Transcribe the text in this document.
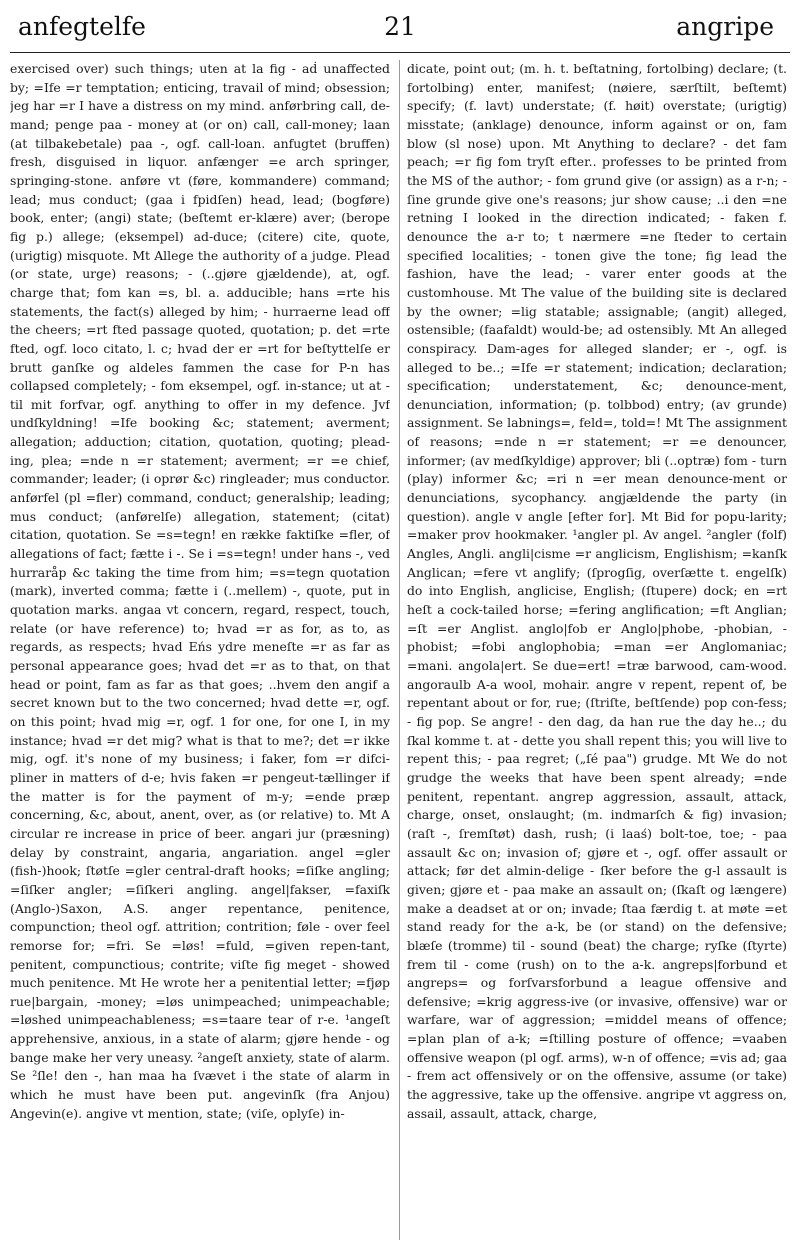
anfegtelfe	21	angripe

exercised over) such things; uten at la fig - aḋ unaffected by; =Ife =r temptation; enticing, travail of mind; obsession; jeg har =r I have a distress on my mind. anførbring call, de-mand; penge paa - money at (or on) call, call-money; laan (at tilbakebetale) paa -, ogf. call-loan. anfugtet (bruffen) fresh, disguised in liquor. anfænger =e arch springer, springing-stone. anføre vt (føre, kommandere) command; lead; mus conduct; (gaa i fpidſen) head, lead; (bogføre) book, enter; (angi) state; (beſtemt er-klære) aver; (berope fig p.) allege; (eksempel) ad-duce; (citere) cite, quote, (urigtig) misquote. Mt Allege the authority of a judge. Plead (or state, urge) reasons; - (..gjøre gjældende), at, ogf. charge that; fom kan =s, bl. a. adducible; hans =rte his statements, the fact(s) alleged by him; - hurraerne lead off the cheers; =rt fted passage quoted, quotation; p. det =rte fted, ogf. loco citato, l. c; hvad der er =rt for beſtyttelſe er brutt ganſke og aldeles fammen the case for P-n has collapsed completely; - fom eksempel, ogf. in-stance; ut at - til mit forfvar, ogf. anything to offer in my defence. Jvf undſkyldning! =Ife booking &c; statement; averment; allegation; adduction; citation, quotation, quoting; plead-ing, plea; =nde n =r statement; averment; =r =e chief, commander; leader; (i oprør &c) ringleader; mus conductor. anførfel (pl =fler) command, conduct; generalship; leading; mus conduct; (anførelſe) allegation, statement; (citat) citation, quotation. Se =s=tegn! en række faktiſke =fler, of allegations of fact; fætte i -. Se i =s=tegn! under hans -, ved hurraråp &c taking the time from him; =s=tegn quotation (mark), inverted comma; fætte i (..mellem) -, quote, put in quotation marks. angaa vt concern, regard, respect, touch, relate (or have reference) to; hvad =r as for, as to, as regards, as respects; hvad Eńs ydre meneſte =r as far as personal appearance goes; hvad det =r as to that, on that head or point, fam as far as that goes; ..hvem den angif a secret known but to the two concerned; hvad dette =r, ogf. on this point; hvad mig =r, ogf. 1 for one, for one I, in my instance; hvad =r det mig? what is that to me?; det =r ikke mig, ogf. it's none of my business; i faker, fom =r difci-pliner in matters of d-e; hvis faken =r pengeut-tællinger if the matter is for the payment of m-y; =ende præp concerning, &c, about, anent, over, as (or relative) to. Mt A circular re increase in price of beer. angari jur (præsning) delay by constraint, angaria, angariation. angel =gler (fish-)hook; ſtøtſe =gler central-draft hooks; =ſiſke angling; =ſiſker angler; =ſiſkeri angling. angel|fakser, =faxiſk (Anglo-)Saxon, A.S. anger repentance, penitence, compunction; theol ogf. attrition; contrition; føle - over feel remorse for; =fri. Se =løs! =fuld, =given repen-tant, penitent, compunctious; contrite; viſte fig meget - showed much penitence. Mt He wrote her a penitential letter; =fjøp rue|bargain, -money; =løs unimpeached; unimpeachable; =løshed unimpeachableness; =s=taare tear of r-e. ¹angeſt apprehensive, anxious, in a state of alarm; gjøre hende - og bange make her very uneasy. ²angeſt anxiety, state of alarm. Se ²ſle! den -, han maa ha ſvævet i the state of alarm in which he must have been put. angevinſk (fra Anjou) Angevin(e). angive vt mention, state; (viſe, oplyſe) in-

dicate, point out; (m. h. t. beſtatning, fortolbing) declare; (t. fortolbing) enter, manifest; (nøiere, særſtilt, beſtemt) specify; (f. lavt) understate; (f. høit) overstate; (urigtig) misstate; (anklage) denounce, inform against or on, fam blow (sl nose) upon. Mt Anything to declare? - det fam peach; =r fig fom tryſt efter.. professes to be printed from the MS of the author; - fom grund give (or assign) as a r-n; - ſine grunde give one's reasons; jur show cause; ..i den =ne retning I looked in the direction indicated; - faken f. denounce the a-r to; t nærmere =ne ſteder to certain specified localities; - tonen give the tone; fig lead the fashion, have the lead; - varer enter goods at the customhouse. Mt The value of the building site is declared by the owner; =lig statable; assignable; (angit) alleged, ostensible; (faafaldt) would-be; ad ostensibly. Mt An alleged conspiracy. Dam-ages for alleged slander; er -, ogf. is alleged to be..; =Ife =r statement; indication; declaration; specification; understatement, &c; denounce-ment, denunciation, information; (p. tolbbod) entry; (av grunde) assignment. Se labnings=, feld=, told=! Mt The assignment of reasons; =nde n =r statement; =r =e denouncer, informer; (av medſkyldige) approver; bli (..optræ) fom - turn (play) informer &c; =ri n =er mean denounce-ment or denunciations, sycophancy. angjældende the party (in question). angle v angle [efter for]. Mt Bid for popu-larity; =maker prov hookmaker. ¹angler pl. Av angel. ²angler (folf) Angles, Angli. angli|cisme =r anglicism, Englishism; =kanſk Anglican; =fere vt anglify; (ſprogſig, overſætte t. engelſk) do into English, anglicise, English; (ſtupere) dock; en =rt heſt a cock-tailed horse; =fering anglification; =ft Anglian; =ſt =er Anglist. anglo|fob er Anglo|phobe, -phobian, -phobist; =fobi anglophobia; =man =er Anglomaniac; =mani. angola|ert. Se due=ert! =træ barwood, cam-wood. angoraulb A-a wool, mohair. angre v repent, repent of, be repentant about or for, rue; (ſtriſte, beſtſende) pop con-fess; - fig pop. Se angre! - den dag, da han rue the day he..; du ſkal komme t. at - dette you shall repent this; you will live to repent this; - paa regret; („ſé paa") grudge. Mt We do not grudge the weeks that have been spent already; =nde penitent, repentant. angrep aggression, assault, attack, charge, onset, onslaught; (m. indmarſch & fig) invasion; (raſt -, ſremſtøt) dash, rush; (i laaś) bolt-toe, toe; - paa assault &c on; invasion of; gjøre et -, ogf. offer assault or attack; før det almin-delige - ſker before the g-l assault is given; gjøre et - paa make an assault on; (ſkaſt og længere) make a deadset at or on; invade; ſtaa færdig t. at møte =et stand ready for the a-k, be (or stand) on the defensive; blæſe (tromme) til - sound (beat) the charge; ryſke (ſtyrte) frem til - come (rush) on to the a-k. angreps|forbund et angreps= og forſvarsforbund a league offensive and defensive; =krig aggress-ive (or invasive, offensive) war or warfare, war of aggression; =middel means of offence; =plan plan of a-k; =ſtilling posture of offence; =vaaben offensive weapon (pl ogf. arms), w-n of offence; =vis ad; gaa - frem act offensively or on the offensive, assume (or take) the aggressive, take up the offensive. angripe vt aggress on, assail, assault, attack, charge,
